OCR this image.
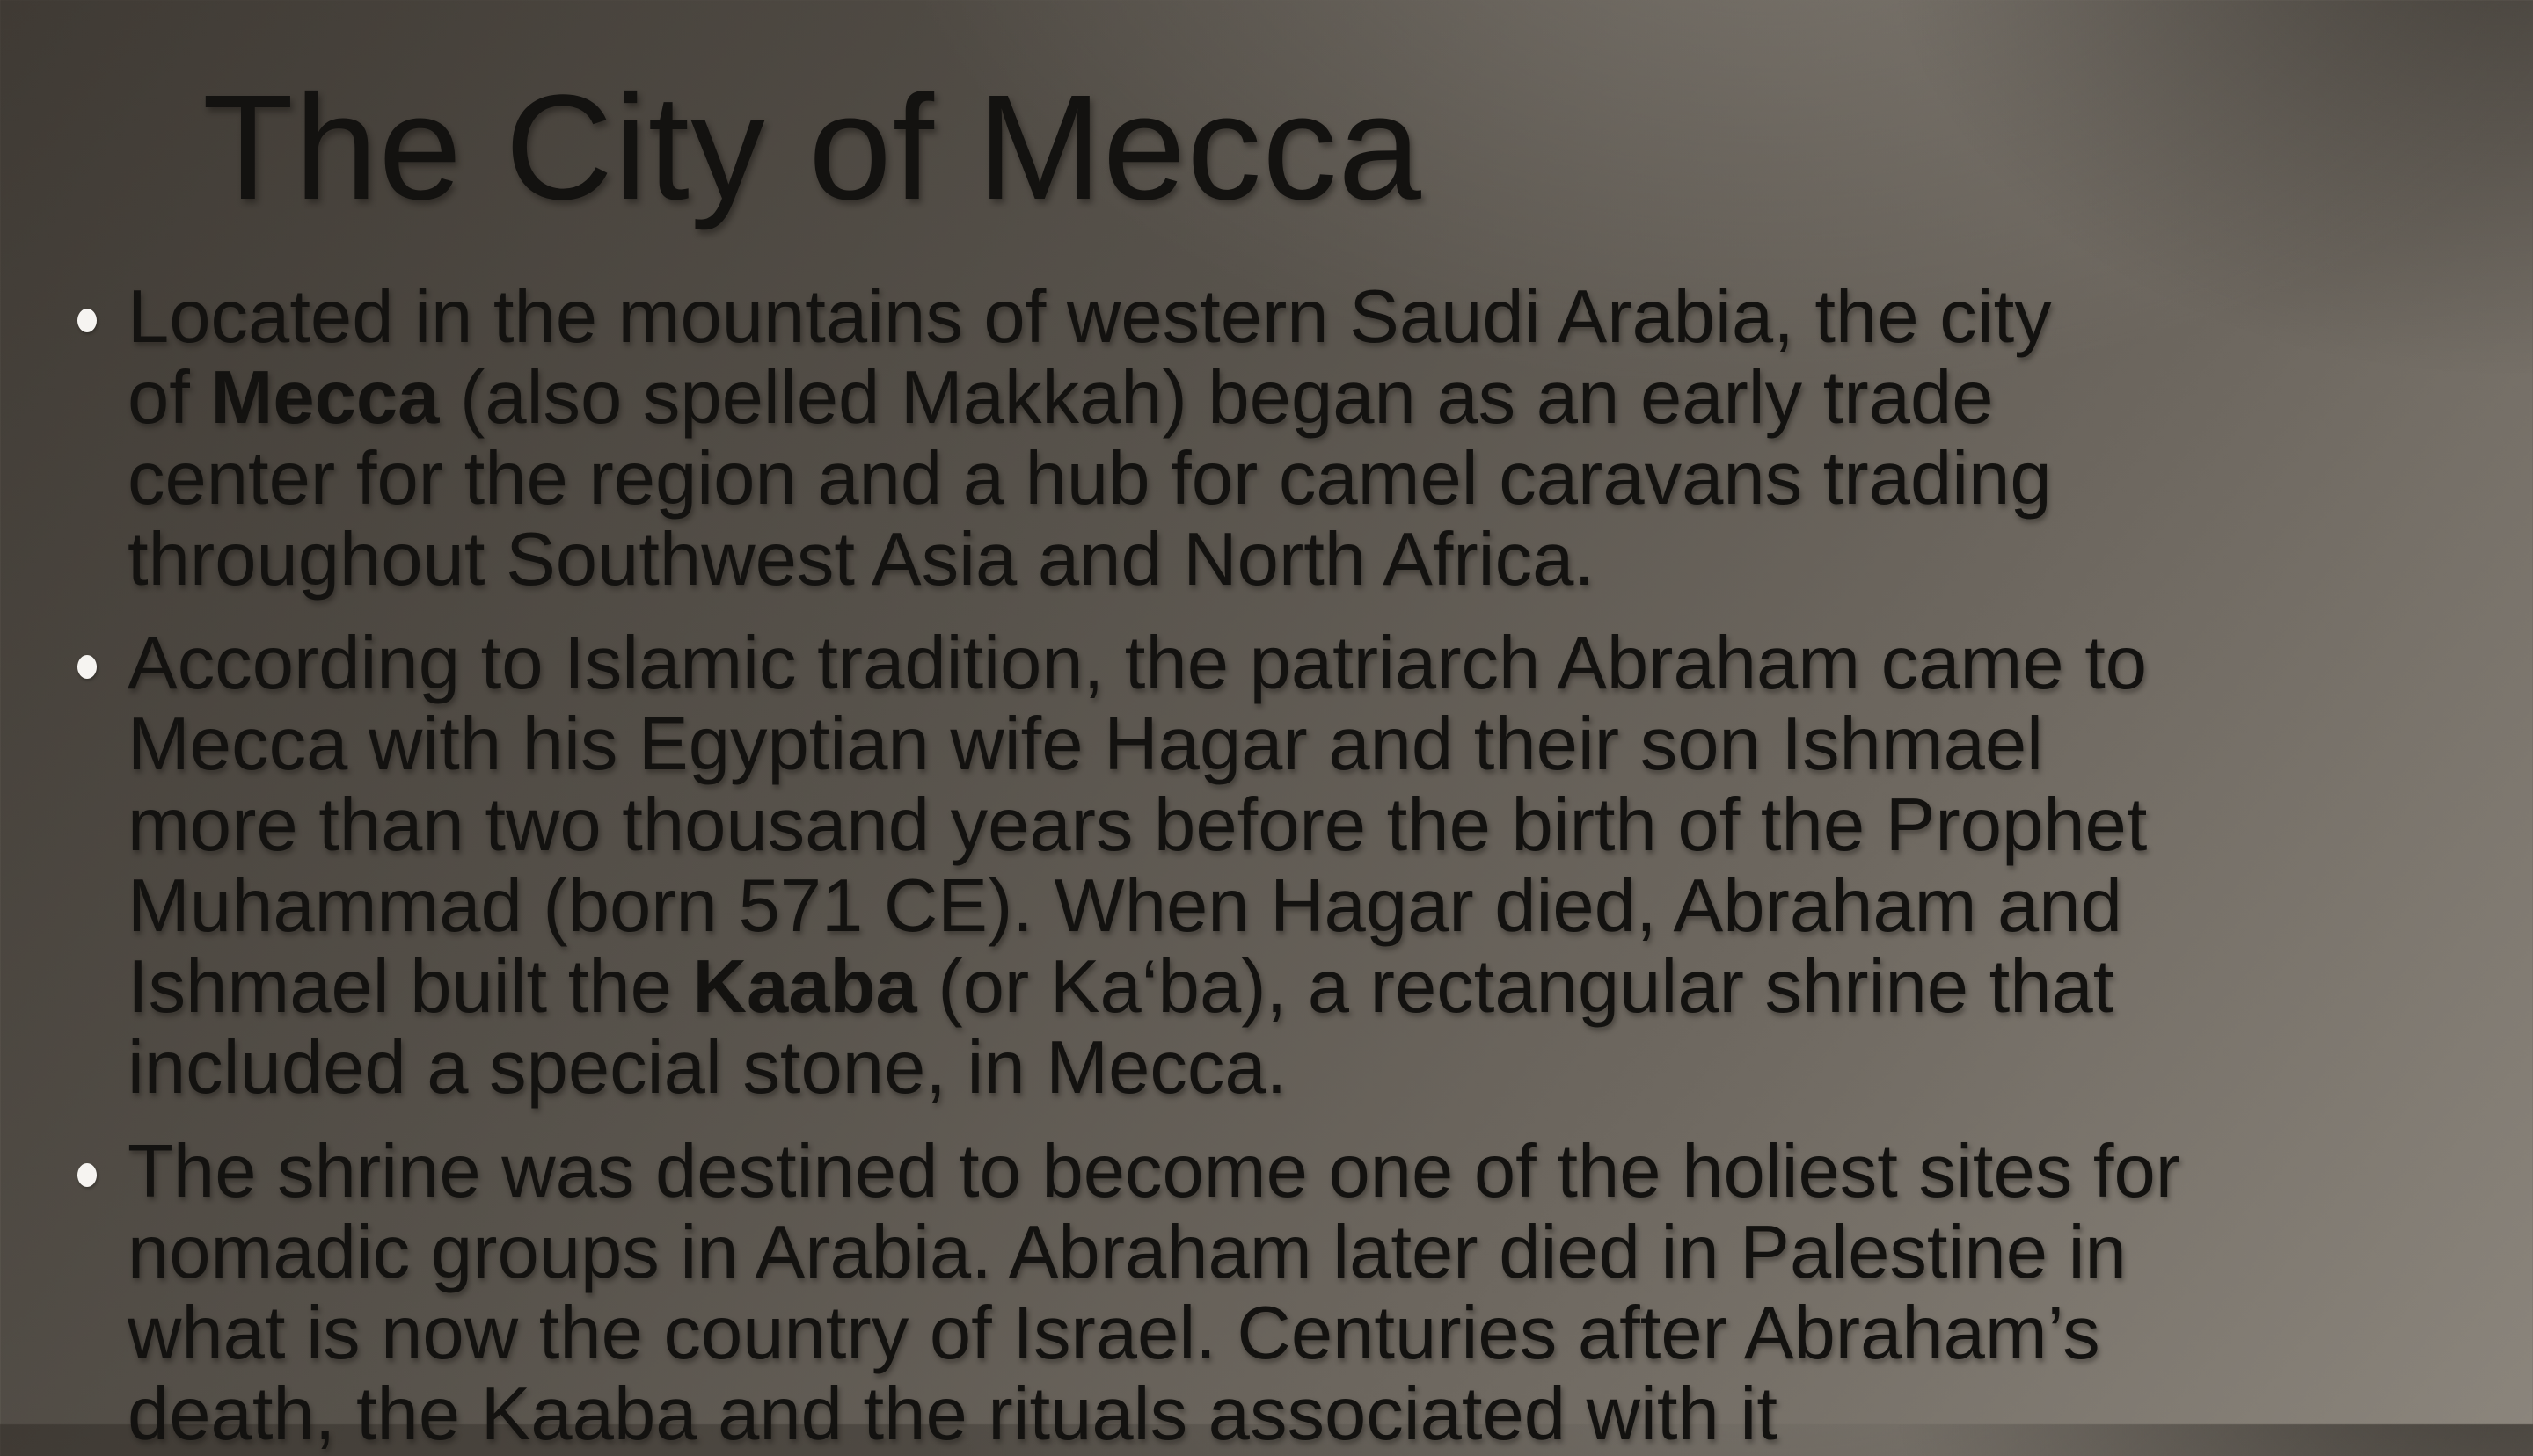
The City of Mecca
Located in the mountains of western Saudi Arabia, the city
of Mecca (also spelled Makkah) began as an early trade
center for the region and a hub for camel caravans trading
throughout Southwest Asia and North Africa.
According to Islamic tradition, the patriarch Abraham came to
Mecca with his Egyptian wife Hagar and their son Ishmael
more than two thousand years before the birth of the Prophet
Muhammad (born 571 CE). When Hagar died, Abraham and
Ishmael built the Kaaba (or Ka‘ba), a rectangular shrine that
included a special stone, in Mecca.
The shrine was destined to become one of the holiest sites for
nomadic groups in Arabia. Abraham later died in Palestine in
what is now the country of Israel. Centuries after Abraham’s
death, the Kaaba and the rituals associated with it
